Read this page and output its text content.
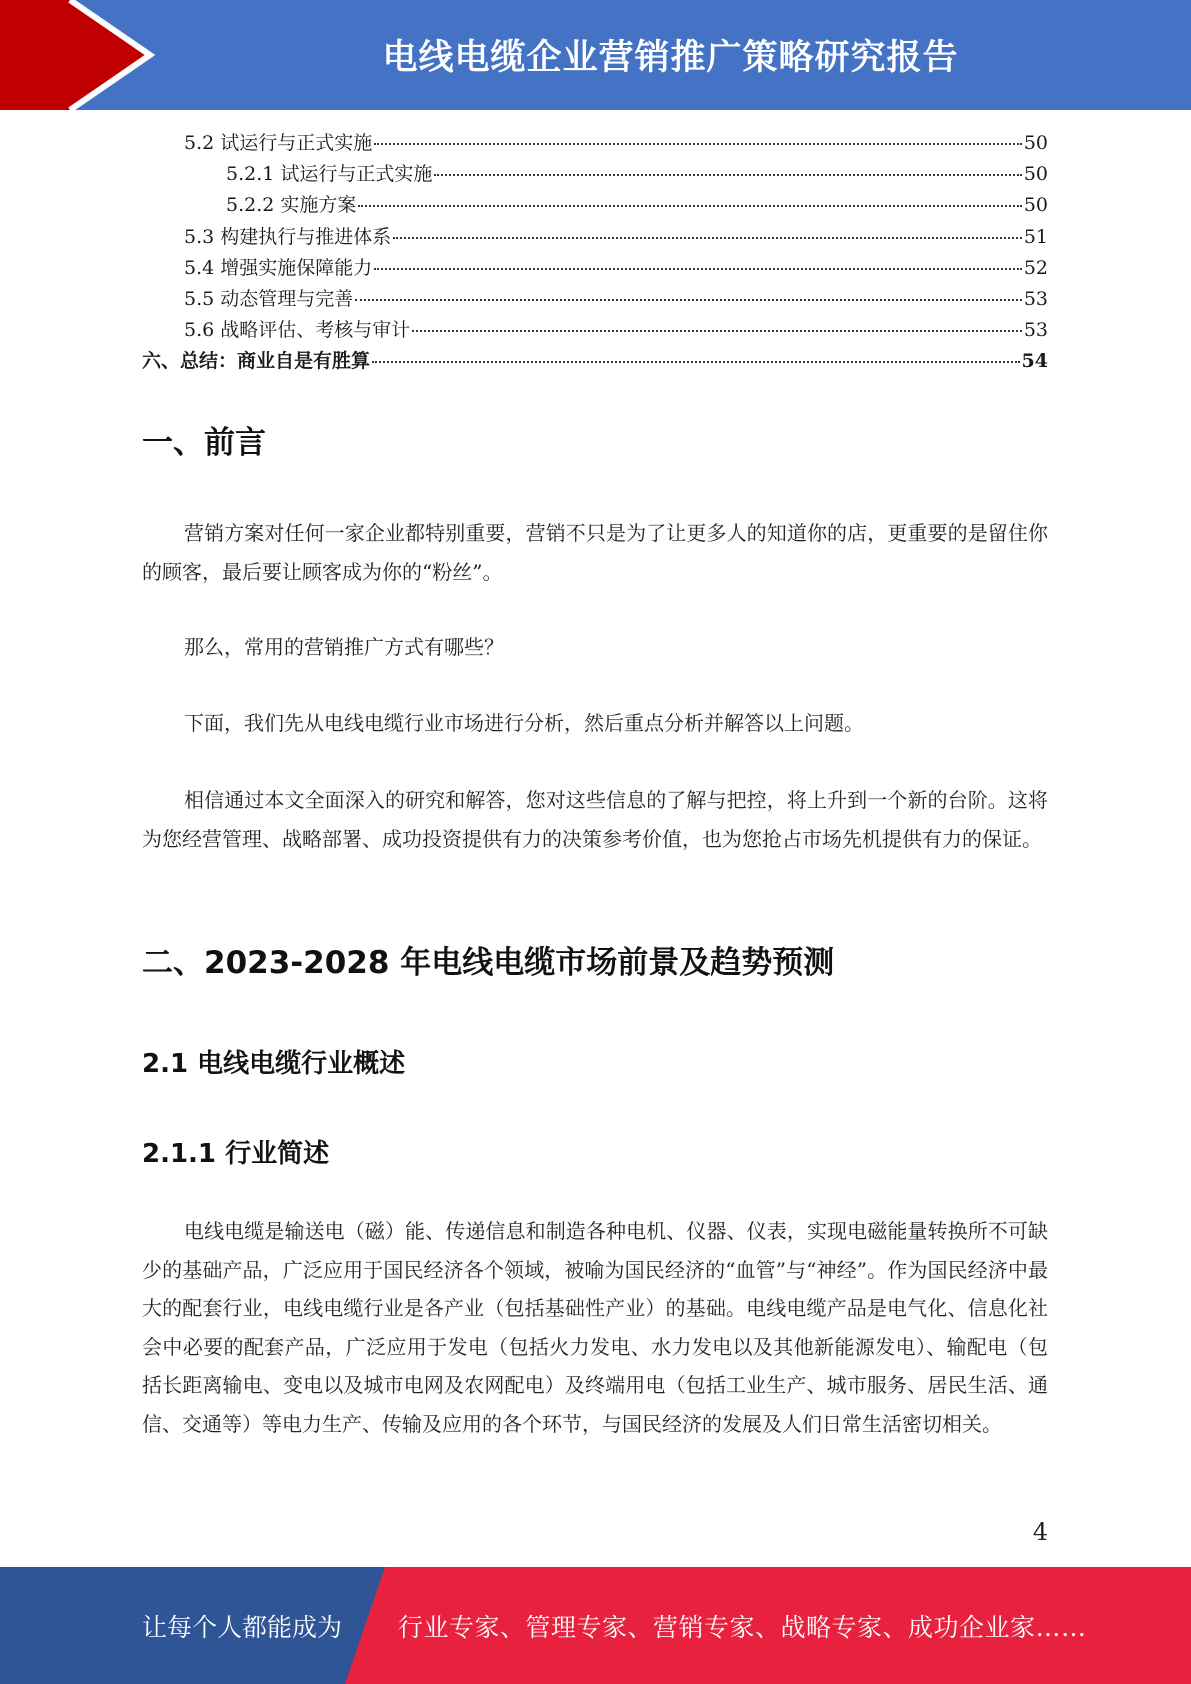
电线电缆企业营销推广策略研究报告
5.2 试运行与正式实施	50
5.2.1 试运行与正式实施	50
5.2.2 实施方案	50
5.3 构建执行与推进体系	51
5.4 增强实施保障能力	52
5.5 动态管理与完善	53
5.6 战略评估、考核与审计	53
六、总结：商业自是有胜算	54
一、前言
营销方案对任何一家企业都特别重要，营销不只是为了让更多人的知道你的店，更重要的是留住你的顾客，最后要让顾客成为你的“粉丝”。
那么，常用的营销推广方式有哪些？
下面，我们先从电线电缆行业市场进行分析，然后重点分析并解答以上问题。
相信通过本文全面深入的研究和解答，您对这些信息的了解与把控，将上升到一个新的台阶。这将为您经营管理、战略部署、成功投资提供有力的决策参考价值，也为您抢占市场先机提供有力的保证。
二、2023-2028 年电线电缆市场前景及趋势预测
2.1 电线电缆行业概述
2.1.1 行业简述
电线电缆是输送电（磁）能、传递信息和制造各种电机、仪器、仪表，实现电磁能量转换所不可缺少的基础产品，广泛应用于国民经济各个领域，被喻为国民经济的“血管”与“神经”。作为国民经济中最大的配套行业，电线电缆行业是各产业（包括基础性产业）的基础。电线电缆产品是电气化、信息化社会中必要的配套产品，广泛应用于发电（包括火力发电、水力发电以及其他新能源发电）、输配电（包括长距离输电、变电以及城市电网及农网配电）及终端用电（包括工业生产、城市服务、居民生活、通信、交通等）等电力生产、传输及应用的各个环节，与国民经济的发展及人们日常生活密切相关。
4
让每个人都能成为 行业专家、管理专家、营销专家、战略专家、成功企业家……
